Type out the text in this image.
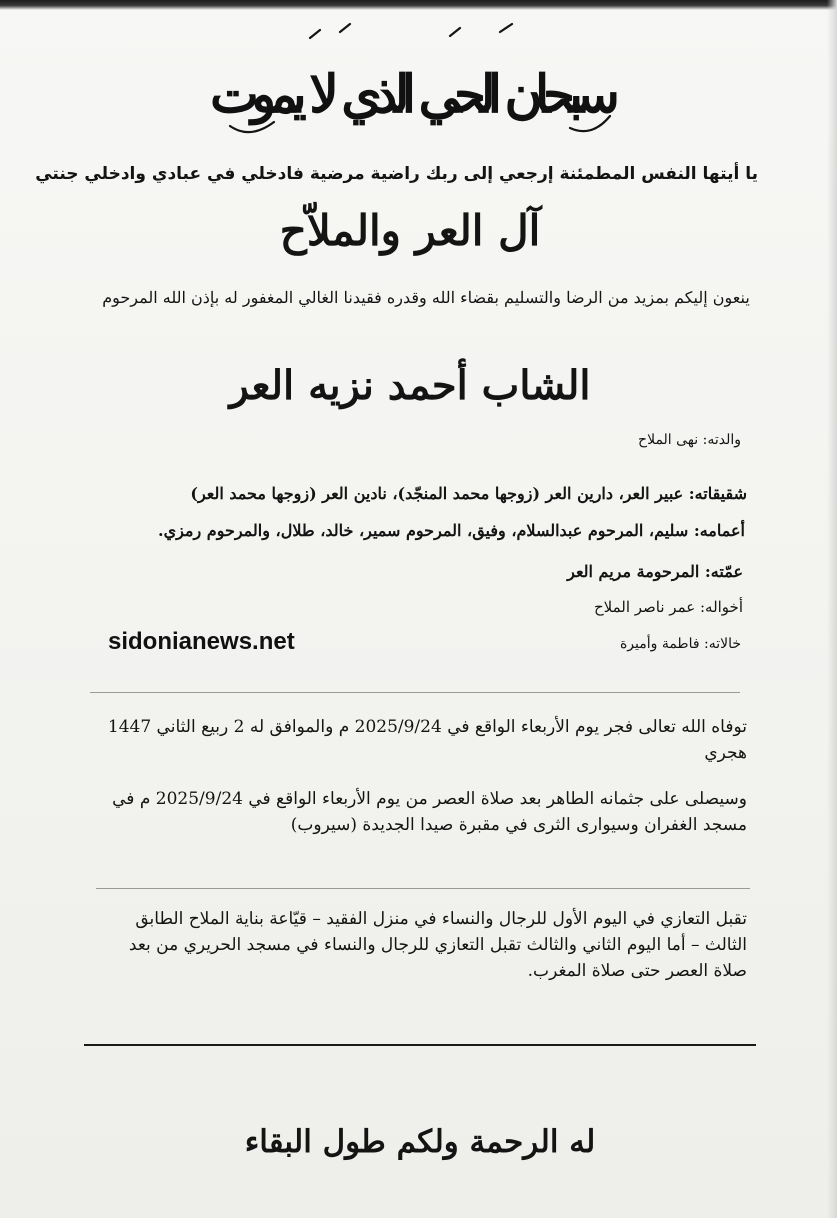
سبحان الحي الذي لا يموت
يا أيتها النفس المطمئنة إرجعي إلى ربك راضية مرضية فادخلي في عبادي وادخلي جنتي
آل العر والملاّح
ينعون إليكم بمزيد من الرضا والتسليم بقضاء الله وقدره فقيدنا الغالي المغفور له بإذن الله المرحوم
الشاب أحمد نزيه العر
والدته: نهى الملاح
شقيقاته: عبير العر، دارين العر (زوجها محمد المنجّد)، نادين العر (زوجها محمد العر)
أعمامه: سليم، المرحوم عبدالسلام، وفيق، المرحوم سمير، خالد، طلال، والمرحوم رمزي.
عمّته: المرحومة مريم العر
أخواله: عمر ناصر الملاح
خالاته: فاطمة وأميرة
sidonianews.net
توفاه الله تعالى فجر يوم الأربعاء الواقع في 2025/9/24 م والموافق له 2 ربيع الثاني 1447 هجري
وسيصلى على جثمانه الطاهر بعد صلاة العصر من يوم الأربعاء الواقع في 2025/9/24 م في مسجد الغفران وسيوارى الثرى في مقبرة صيدا الجديدة (سيروب)
تقبل التعازي في اليوم الأول للرجال والنساء في منزل الفقيد – قيّاعة بناية الملاح الطابق الثالث – أما اليوم الثاني والثالث تقبل التعازي للرجال والنساء في مسجد الحريري من بعد صلاة العصر حتى صلاة المغرب.
له الرحمة ولكم طول البقاء
